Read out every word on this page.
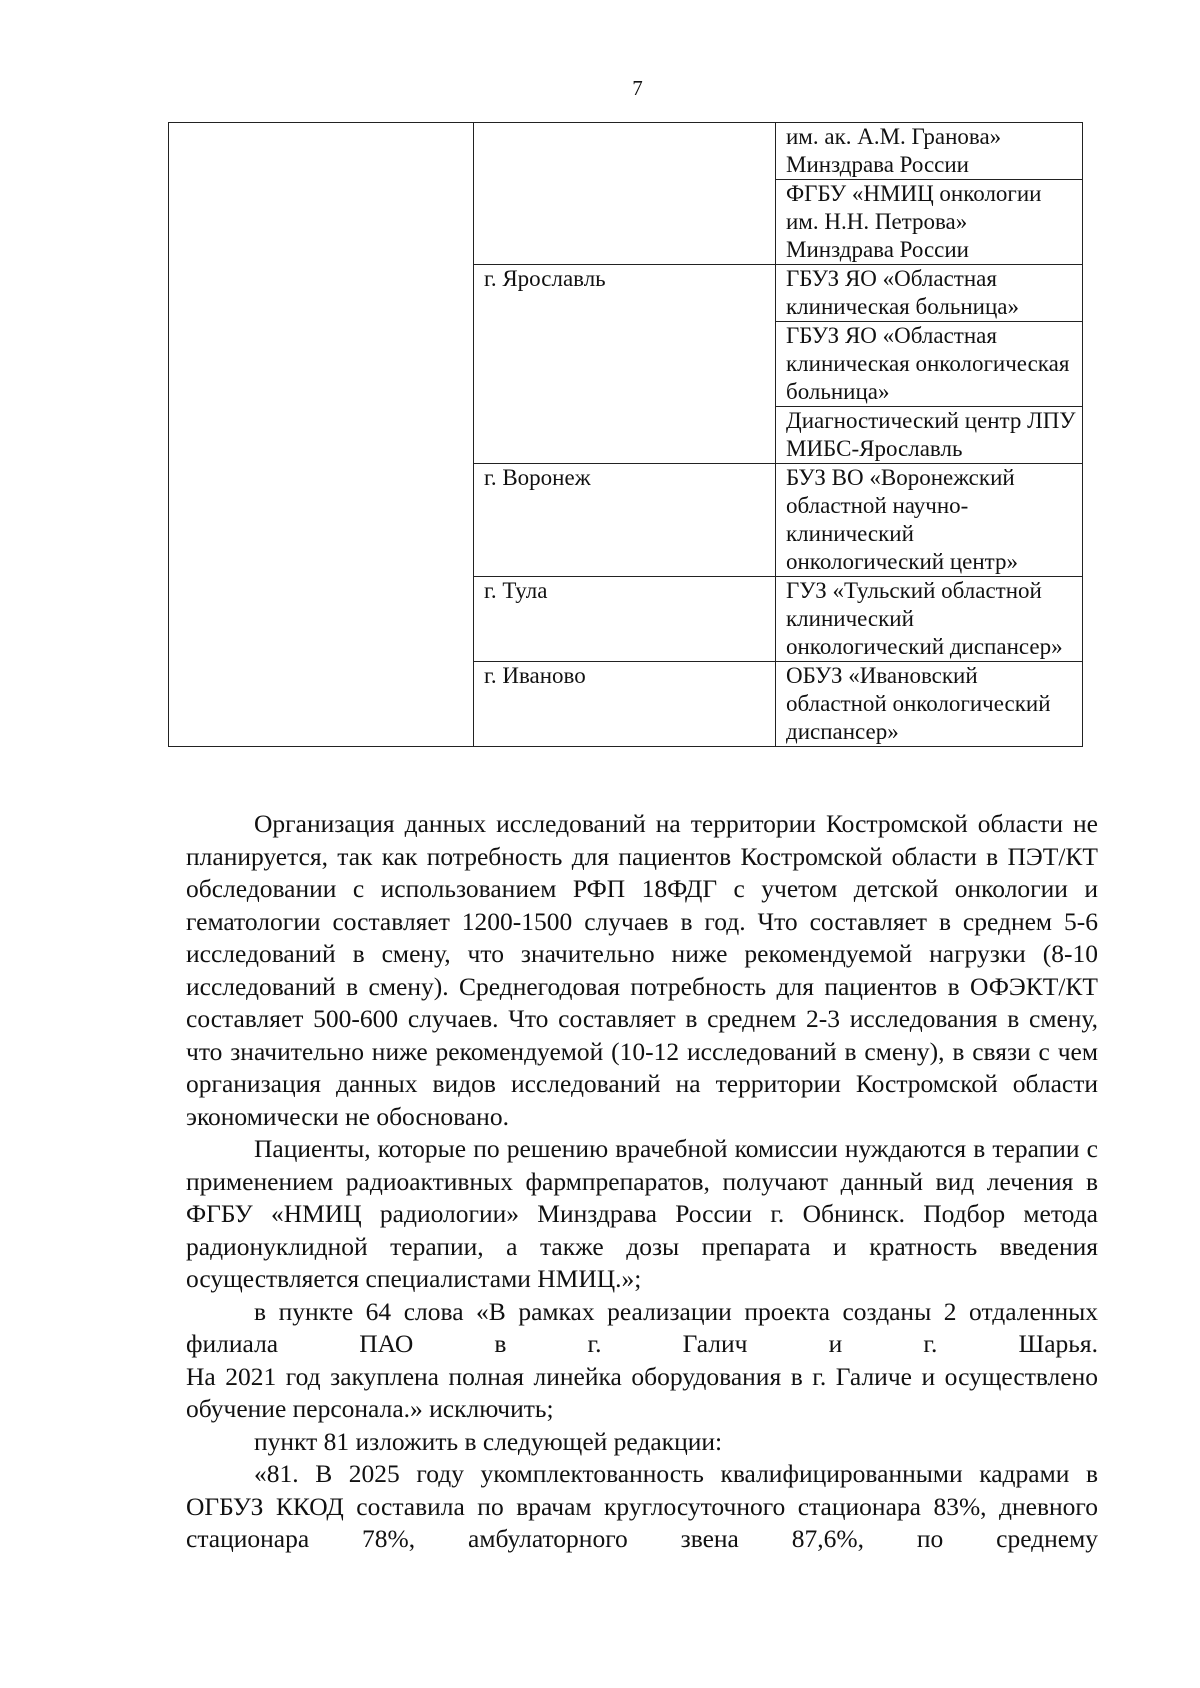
7
		им. ак. А.М. Гранова» Минздрава России
		ФГБУ «НМИЦ онкологии им. Н.Н. Петрова» Минздрава России
	г. Ярославль	ГБУЗ ЯО «Областная клиническая больница»
		ГБУЗ ЯО «Областная клиническая онкологическая больница»
		Диагностический центр ЛПУ МИБС-Ярославль
	г. Воронеж	БУЗ ВО «Воронежский областной научно-клинический онкологический центр»
	г. Тула	ГУЗ «Тульский областной клинический онкологический диспансер»
	г. Иваново	ОБУЗ «Ивановский областной онкологический диспансер»

Организация данных исследований на территории Костромской области не планируется, так как потребность для пациентов Костромской области в ПЭТ/КТ обследовании с использованием РФП 18ФДГ с учетом детской онкологии и гематологии составляет 1200-1500 случаев в год. Что составляет в среднем 5-6 исследований в смену, что значительно ниже рекомендуемой нагрузки (8-10 исследований в смену). Среднегодовая потребность для пациентов в ОФЭКТ/КТ составляет 500-600 случаев. Что составляет в среднем 2-3 исследования в смену, что значительно ниже рекомендуемой (10-12 исследований в смену), в связи с чем организация данных видов исследований на территории Костромской области экономически не обосновано.

Пациенты, которые по решению врачебной комиссии нуждаются в терапии с применением радиоактивных фармпрепаратов, получают данный вид лечения в ФГБУ «НМИЦ радиологии» Минздрава России г. Обнинск. Подбор метода радионуклидной терапии, а также дозы препарата и кратность введения осуществляется специалистами НМИЦ.»;

в пункте 64 слова «В рамках реализации проекта созданы 2 отдаленных филиала ПАО в г. Галич и г. Шарья.

На 2021 год закуплена полная линейка оборудования в г. Галиче и осуществлено обучение персонала.» исключить;

пункт 81 изложить в следующей редакции:

«81. В 2025 году укомплектованность квалифицированными кадрами в ОГБУЗ ККОД составила по врачам круглосуточного стационара 83%, дневного стационара 78%, амбулаторного звена 87,6%, по среднему
